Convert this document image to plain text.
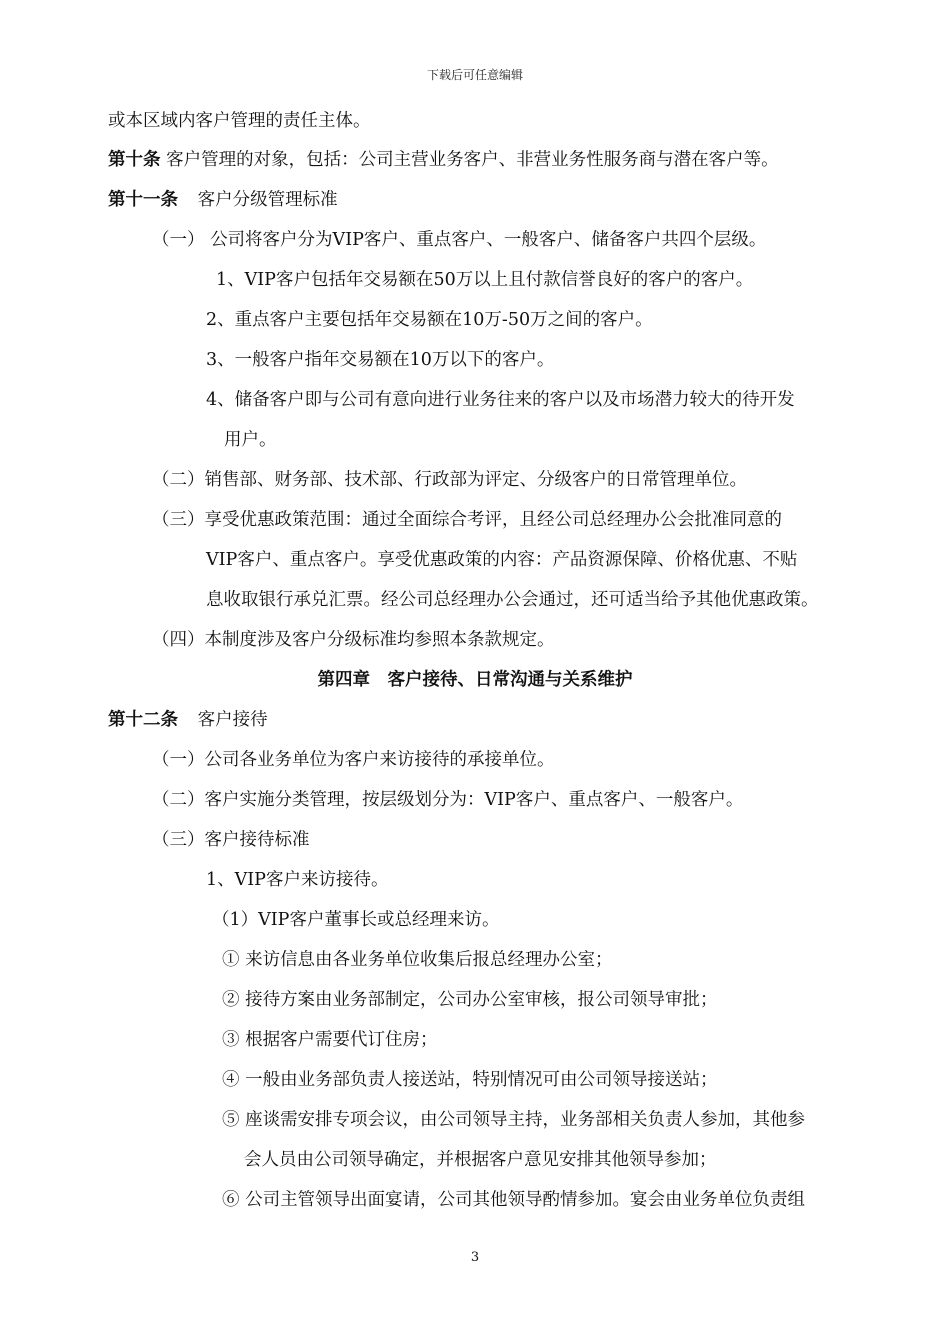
下载后可任意编辑
或本区域内客户管理的责任主体。
第十条 客户管理的对象，包括：公司主营业务客户、非营业务性服务商与潜在客户等。
第十一条 客户分级管理标准
（一） 公司将客户分为VIP客户、重点客户、一般客户、储备客户共四个层级。
1、VIP客户包括年交易额在50万以上且付款信誉良好的客户的客户。
2、重点客户主要包括年交易额在10万-50万之间的客户。
3、一般客户指年交易额在10万以下的客户。
4、储备客户即与公司有意向进行业务往来的客户以及市场潜力较大的待开发
用户。
（二）销售部、财务部、技术部、行政部为评定、分级客户的日常管理单位。
（三）享受优惠政策范围：通过全面综合考评，且经公司总经理办公会批准同意的
VIP客户、重点客户。享受优惠政策的内容：产品资源保障、价格优惠、不贴
息收取银行承兑汇票。经公司总经理办公会通过，还可适当给予其他优惠政策。
（四）本制度涉及客户分级标准均参照本条款规定。
第四章　客户接待、日常沟通与关系维护
第十二条 客户接待
（一）公司各业务单位为客户来访接待的承接单位。
（二）客户实施分类管理，按层级划分为：VIP客户、重点客户、一般客户。
（三）客户接待标准
1、VIP客户来访接待。
（1）VIP客户董事长或总经理来访。
① 来访信息由各业务单位收集后报总经理办公室；
② 接待方案由业务部制定，公司办公室审核，报公司领导审批；
③ 根据客户需要代订住房；
④ 一般由业务部负责人接送站，特别情况可由公司领导接送站；
⑤ 座谈需安排专项会议，由公司领导主持，业务部相关负责人参加，其他参
会人员由公司领导确定，并根据客户意见安排其他领导参加；
⑥ 公司主管领导出面宴请，公司其他领导酌情参加。宴会由业务单位负责组
3
